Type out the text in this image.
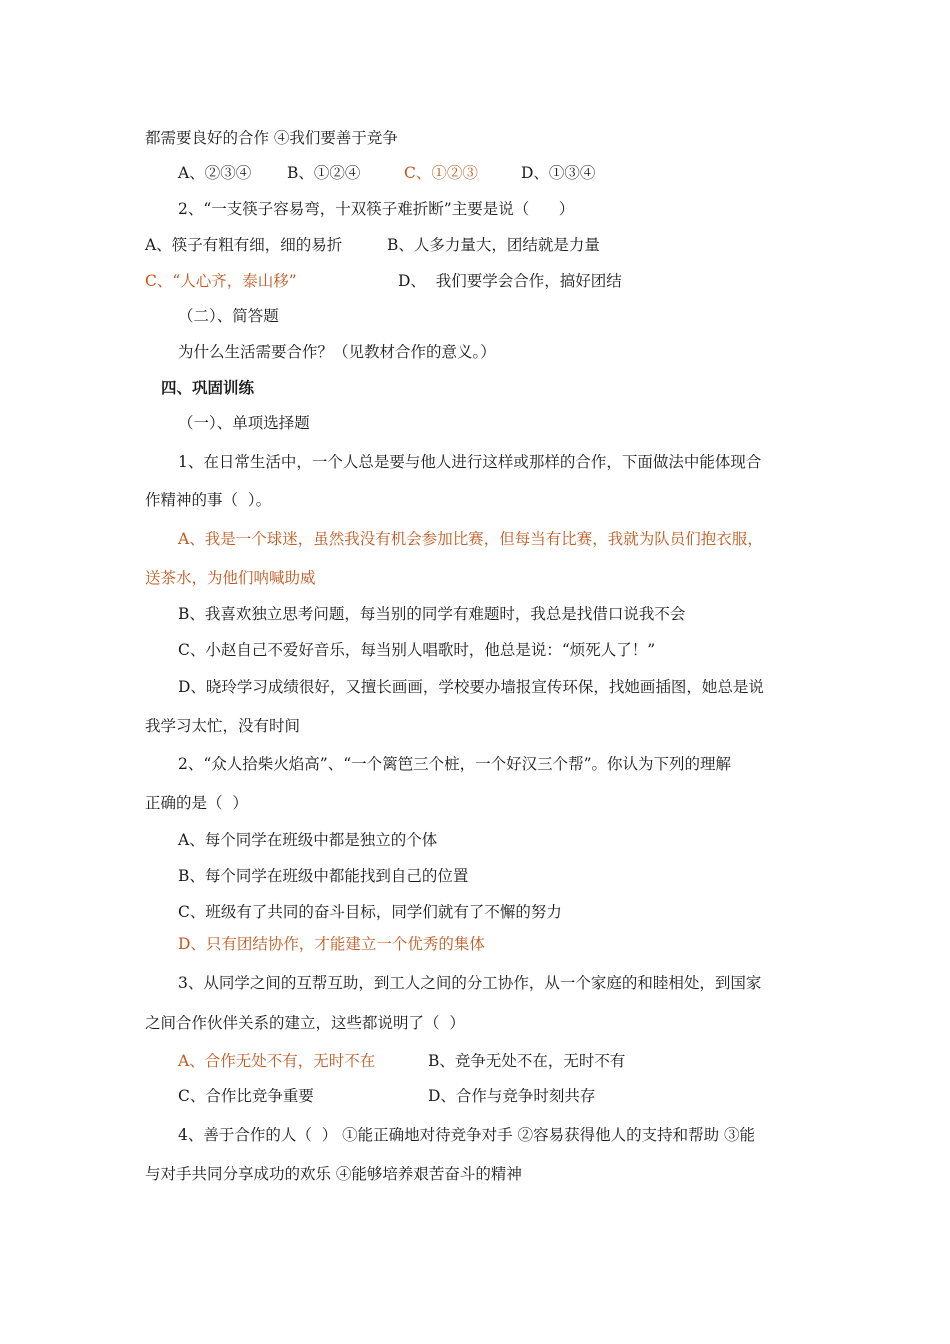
都需要良好的合作 ④我们要善于竞争
A、②③④ B、①②④	C、①②③	D、①③④
2、“一支筷子容易弯，十双筷子难折断”主要是说（      ）
A、筷子有粗有细，细的易折	B、人多力量大，团结就是力量
C、“人心齐，泰山移”	D、  我们要学会合作，搞好团结
（二）、简答题
为什么生活需要合作？（见教材合作的意义。）
四、巩固训练
（一）、单项选择题
1、在日常生活中，一个人总是要与他人进行这样或那样的合作，下面做法中能体现合
作精神的事（  ）。
A、我是一个球迷，虽然我没有机会参加比赛，但每当有比赛，我就为队员们抱衣服，
送茶水，为他们呐喊助威
B、我喜欢独立思考问题，每当别的同学有难题时，我总是找借口说我不会
C、小赵自己不爱好音乐，每当别人唱歌时，他总是说：“烦死人了！”
D、晓玲学习成绩很好，又擅长画画，学校要办墙报宣传环保，找她画插图，她总是说
我学习太忙，没有时间
2、“众人拾柴火焰高”、“一个篱笆三个桩，一个好汉三个帮”。你认为下列的理解
正确的是（  ）
A、每个同学在班级中都是独立的个体
B、每个同学在班级中都能找到自己的位置
C、班级有了共同的奋斗目标，同学们就有了不懈的努力
D、只有团结协作，才能建立一个优秀的集体
3、从同学之间的互帮互助，到工人之间的分工协作，从一个家庭的和睦相处，到国家
之间合作伙伴关系的建立，这些都说明了（  ）
A、合作无处不有，无时不在	B、竞争无处不在，无时不有
C、合作比竞争重要	D、合作与竞争时刻共存
4、善于合作的人（  ） ①能正确地对待竞争对手 ②容易获得他人的支持和帮助 ③能
与对手共同分享成功的欢乐 ④能够培养艰苦奋斗的精神
